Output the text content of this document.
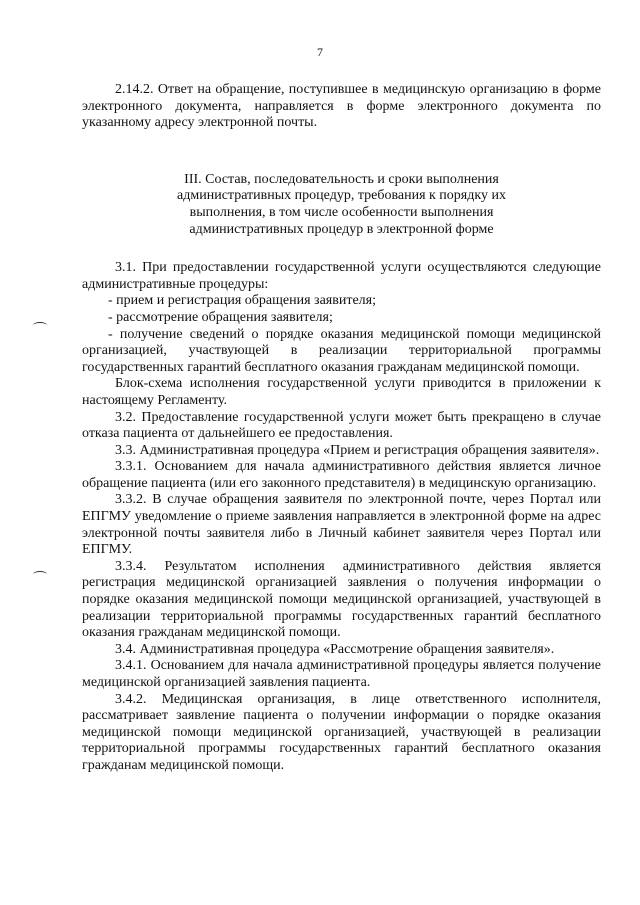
7

2.14.2. Ответ на обращение, поступившее в медицинскую организацию в форме электронного документа, направляется в форме электронного документа по указанному адресу электронной почты.

III. Состав, последовательность и сроки выполнения административных процедур, требования к порядку их выполнения, в том числе особенности выполнения административных процедур в электронной форме

3.1. При предоставлении государственной услуги осуществляются следующие административные процедуры:

- прием и регистрация обращения заявителя;

- рассмотрение обращения заявителя;

- получение сведений о порядке оказания медицинской помощи медицинской организацией, участвующей в реализации территориальной программы государственных гарантий бесплатного оказания гражданам медицинской помощи.

Блок-схема исполнения государственной услуги приводится в приложении к настоящему Регламенту.

3.2. Предоставление государственной услуги может быть прекращено в случае отказа пациента от дальнейшего ее предоставления.

3.3. Административная процедура «Прием и регистрация обращения заявителя».

3.3.1. Основанием для начала административного действия является личное обращение пациента (или его законного представителя) в медицинскую организацию.

3.3.2. В случае обращения заявителя по электронной почте, через Портал или ЕПГМУ уведомление о приеме заявления направляется в электронной форме на адрес электронной почты заявителя либо в Личный кабинет заявителя через Портал или ЕПГМУ.

3.3.4. Результатом исполнения административного действия является регистрация медицинской организацией заявления о получения информации о порядке оказания медицинской помощи медицинской организацией, участвующей в реализации территориальной программы государственных гарантий бесплатного оказания гражданам медицинской помощи.

3.4. Административная процедура «Рассмотрение обращения заявителя».

3.4.1. Основанием для начала административной процедуры является получение медицинской организацией заявления пациента.

3.4.2. Медицинская организация, в лице ответственного исполнителя, рассматривает заявление пациента о получении информации о порядке оказания медицинской помощи медицинской организацией, участвующей в реализации территориальной программы государственных гарантий бесплатного оказания гражданам медицинской помощи.
